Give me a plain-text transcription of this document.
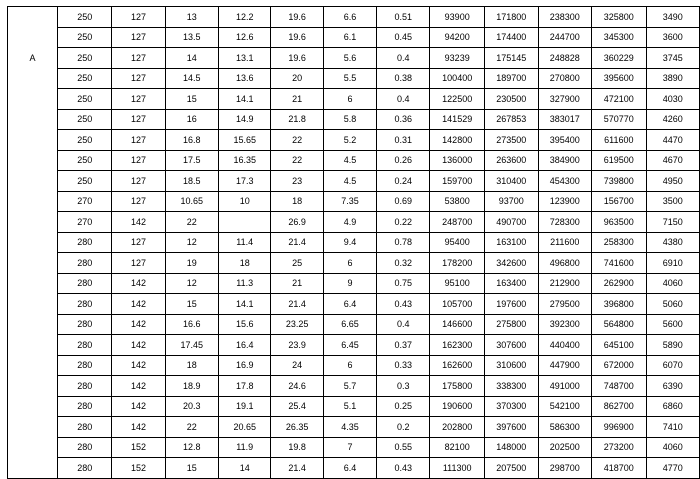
	250	127	13	12.2	19.6	6.6	0.51	93900	171800	238300	325800	3490
	250	127	13.5	12.6	19.6	6.1	0.45	94200	174400	244700	345300	3600
A	250	127	14	13.1	19.6	5.6	0.4	93239	175145	248828	360229	3745
	250	127	14.5	13.6	20	5.5	0.38	100400	189700	270800	395600	3890
	250	127	15	14.1	21	6	0.4	122500	230500	327900	472100	4030
	250	127	16	14.9	21.8	5.8	0.36	141529	267853	383017	570770	4260
	250	127	16.8	15.65	22	5.2	0.31	142800	273500	395400	611600	4470
	250	127	17.5	16.35	22	4.5	0.26	136000	263600	384900	619500	4670
	250	127	18.5	17.3	23	4.5	0.24	159700	310400	454300	739800	4950
	270	127	10.65	10	18	7.35	0.69	53800	93700	123900	156700	3500
	270	142	22		26.9	4.9	0.22	248700	490700	728300	963500	7150
	280	127	12	11.4	21.4	9.4	0.78	95400	163100	211600	258300	4380
	280	127	19	18	25	6	0.32	178200	342600	496800	741600	6910
	280	142	12	11.3	21	9	0.75	95100	163400	212900	262900	4060
	280	142	15	14.1	21.4	6.4	0.43	105700	197600	279500	396800	5060
	280	142	16.6	15.6	23.25	6.65	0.4	146600	275800	392300	564800	5600
	280	142	17.45	16.4	23.9	6.45	0.37	162300	307600	440400	645100	5890
	280	142	18	16.9	24	6	0.33	162600	310600	447900	672000	6070
	280	142	18.9	17.8	24.6	5.7	0.3	175800	338300	491000	748700	6390
	280	142	20.3	19.1	25.4	5.1	0.25	190600	370300	542100	862700	6860
	280	142	22	20.65	26.35	4.35	0.2	202800	397600	586300	996900	7410
	280	152	12.8	11.9	19.8	7	0.55	82100	148000	202500	273200	4060
	280	152	15	14	21.4	6.4	0.43	111300	207500	298700	418700	4770
